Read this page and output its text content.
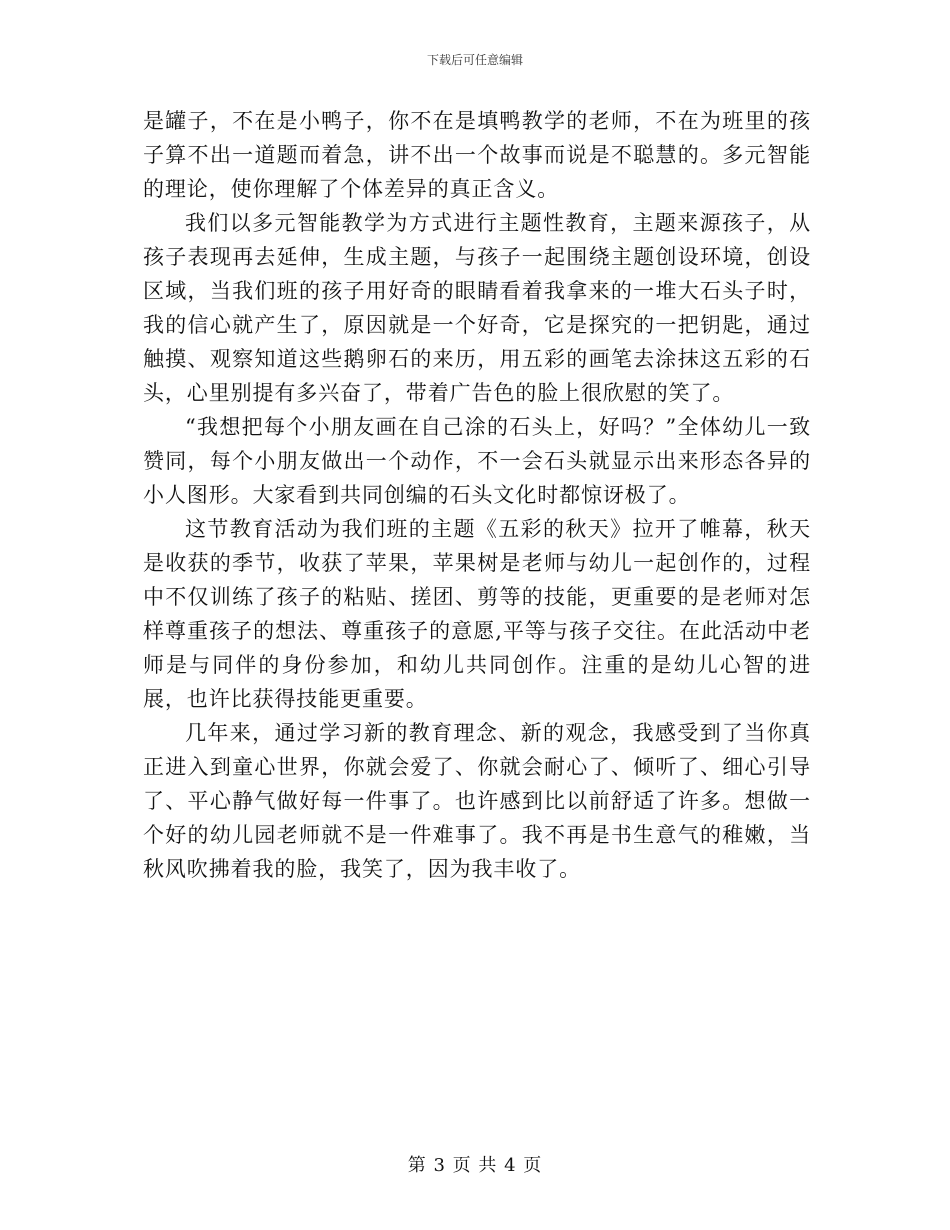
下载后可任意编辑

是罐子，不在是小鸭子，你不在是填鸭教学的老师，不在为班里的孩子算不出一道题而着急，讲不出一个故事而说是不聪慧的。多元智能的理论，使你理解了个体差异的真正含义。

我们以多元智能教学为方式进行主题性教育，主题来源孩子，从孩子表现再去延伸，生成主题，与孩子一起围绕主题创设环境，创设区域，当我们班的孩子用好奇的眼睛看着我拿来的一堆大石头子时，我的信心就产生了，原因就是一个好奇，它是探究的一把钥匙，通过触摸、观察知道这些鹅卵石的来历，用五彩的画笔去涂抹这五彩的石头，心里别提有多兴奋了，带着广告色的脸上很欣慰的笑了。

“我想把每个小朋友画在自己涂的石头上，好吗？”全体幼儿一致赞同，每个小朋友做出一个动作，不一会石头就显示出来形态各异的小人图形。大家看到共同创编的石头文化时都惊讶极了。

这节教育活动为我们班的主题《五彩的秋天》拉开了帷幕，秋天是收获的季节，收获了苹果，苹果树是老师与幼儿一起创作的，过程中不仅训练了孩子的粘贴、搓团、剪等的技能，更重要的是老师对怎样尊重孩子的想法、尊重孩子的意愿,平等与孩子交往。在此活动中老师是与同伴的身份参加，和幼儿共同创作。注重的是幼儿心智的进展，也许比获得技能更重要。

几年来，通过学习新的教育理念、新的观念，我感受到了当你真正进入到童心世界，你就会爱了、你就会耐心了、倾听了、细心引导了、平心静气做好每一件事了。也许感到比以前舒适了许多。想做一个好的幼儿园老师就不是一件难事了。我不再是书生意气的稚嫩，当秋风吹拂着我的脸，我笑了，因为我丰收了。

第 3 页 共 4 页
